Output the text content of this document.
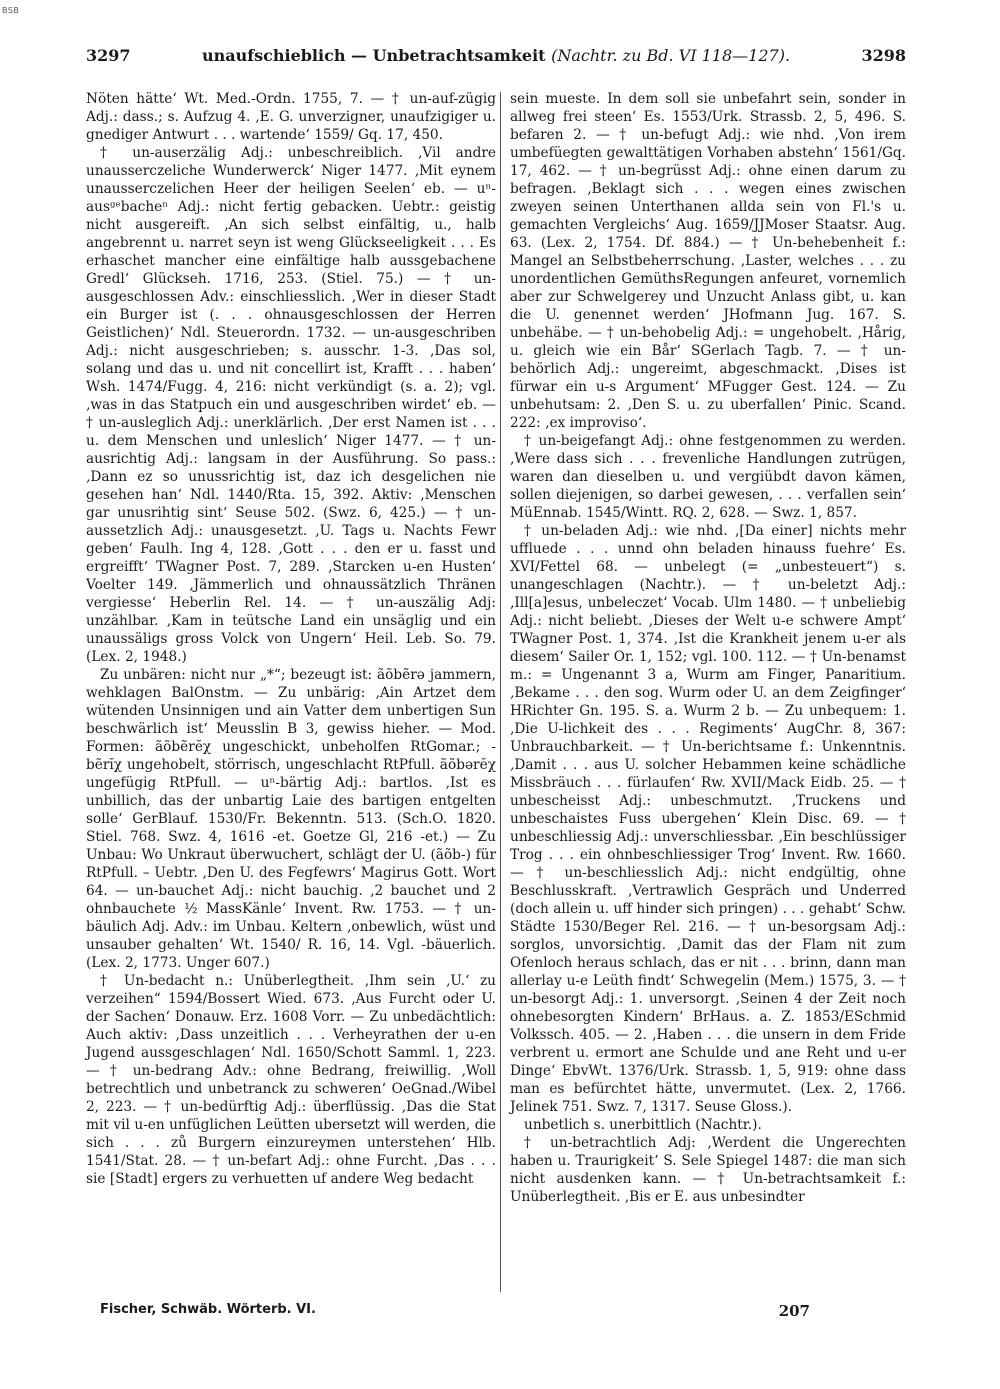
BSB
3297	unaufschieblich — Unbetrachtsamkeit (Nachtr. zu Bd. VI 118—127).	3298

Nöten hätte‘ Wt. Med.-Ordn. 1755, 7. — † un-auf-zügig Adj.: dass.; s. Aufzug 4. ‚E. G. unverzigner, unaufzigiger u. gnediger Antwurt . . . wartende‘ 1559/ Gq. 17, 450.

† un-auserzälig Adj.: unbeschreiblich. ‚Vil andre unausserczeliche Wunderwerck‘ Niger 1477. ‚Mit eynem unausserczelichen Heer der heiligen Seelen‘ eb. — uⁿ-ausᵍᵉbacheⁿ Adj.: nicht fertig gebacken. Uebtr.: geistig nicht ausgereift. ‚An sich selbst einfältig, u., halb angebrennt u. narret seyn ist weng Glückseeligkeit . . . Es erhaschet mancher eine einfältige halb aussgebachene Gredl‘ Glückseh. 1716, 253. (Stiel. 75.) — † un-ausgeschlossen Adv.: einschliesslich. ‚Wer in dieser Stadt ein Burger ist (. . . ohnausgeschlossen der Herren Geistlichen)‘ Ndl. Steuerordn. 1732. — un-ausgeschriben Adj.: nicht ausgeschrieben; s. ausschr. 1-3. ‚Das sol, solang und das u. und nit concellirt ist, Krafft . . . haben‘ Wsh. 1474/Fugg. 4, 216: nicht verkündigt (s. a. 2); vgl. ‚was in das Statpuch ein und ausgeschriben wirdet‘ eb. — † un-ausleglich Adj.: unerklärlich. ‚Der erst Namen ist . . . u. dem Menschen und unleslich‘ Niger 1477. — † un-ausrichtig Adj.: langsam in der Ausführung. So pass.: ‚Dann ez so unussrichtig ist, daz ich desgelichen nie gesehen han‘ Ndl. 1440/Rta. 15, 392. Aktiv: ‚Menschen gar unusrihtig sint‘ Seuse 502. (Swz. 6, 425.) — † un-aussetzlich Adj.: unausgesetzt. ‚U. Tags u. Nachts Fewr geben‘ Faulh. Ing 4, 128. ‚Gott . . . den er u. fasst und ergreifft‘ TWagner Post. 7, 289. ‚Starcken u-en Husten‘ Voelter 149. ‚Jämmerlich und ohnaussätzlich Thränen vergiesse‘ Heberlin Rel. 14. — † un-auszälig Adj: unzählbar. ‚Kam in teütsche Land ein unsäglig und ein unaussäligs gross Volck von Ungern‘ Heil. Leb. So. 79. (Lex. 2, 1948.)

Zu unbären: nicht nur „*“; bezeugt ist: ãõbẽrə jammern, wehklagen BalOnstm. — Zu unbärig: ‚Ain Artzet dem wütenden Unsinnigen und ain Vatter dem unbertigen Sun beschwärlich ist‘ Meusslin B 3, gewiss hieher. — Mod. Formen: ãõbẽrĕχ ungeschickt, unbeholfen RtGomar.; -bẽrĭχ ungehobelt, störrisch, ungeschlacht RtPfull. ãõbərĕχ ungefügig RtPfull. — uⁿ-bärtig Adj.: bartlos. ‚Ist es unbillich, das der unbartig Laie des bartigen entgelten solle‘ GerBlauf. 1530/Fr. Bekenntn. 513. (Sch.O. 1820. Stiel. 768. Swz. 4, 1616 -et. Goetze Gl, 216 -et.) — Zu Unbau: Wo Unkraut überwuchert, schlägt der U. (ãõb-) für RtPfull. – Uebtr. ‚Den U. des Fegfewrs‘ Magirus Gott. Wort 64. — un-bauchet Adj.: nicht bauchig. ‚2 bauchet und 2 ohnbauchete ½ MassKänle‘ Invent. Rw. 1753. — † un-bäulich Adj. Adv.: im Unbau. Keltern ‚onbewlich, wüst und unsauber gehalten‘ Wt. 1540/ R. 16, 14. Vgl. -bäuerlich. (Lex. 2, 1773. Unger 607.)

† Un-bedacht n.: Unüberlegtheit. ‚Ihm sein ‚U.‘ zu verzeihen“ 1594/Bossert Wied. 673. ‚Aus Furcht oder U. der Sachen‘ Donauw. Erz. 1608 Vorr. — Zu unbedächtlich: Auch aktiv: ‚Dass unzeitlich . . . Verheyrathen der u-en Jugend aussgeschlagen‘ Ndl. 1650/Schott Samml. 1, 223. — † un-bedrang Adv.: ohne Bedrang, freiwillig. ‚Woll betrechtlich und unbetranck zu schweren‘ OeGnad./Wibel 2, 223. — † un-bedürftig Adj.: überflüssig. ‚Das die Stat mit vil u-en unfüglichen Leütten ubersetzt will werden, die sich . . . zů Burgern einzureymen unterstehen‘ Hlb. 1541/Stat. 28. — † un-befart Adj.: ohne Furcht. ‚Das . . . sie [Stadt] ergers zu verhuetten uf andere Weg bedacht

sein mueste. In dem soll sie unbefahrt sein, sonder in allweg frei steen‘ Es. 1553/Urk. Strassb. 2, 5, 496. S. befaren 2. — † un-befugt Adj.: wie nhd. ‚Von irem umbefüegten gewalttätigen Vorhaben abstehn‘ 1561/Gq. 17, 462. — † un-begrüsst Adj.: ohne einen darum zu befragen. ‚Beklagt sich . . . wegen eines zwischen zweyen seinen Unterthanen allda sein von Fl.'s u. gemachten Vergleichs‘ Aug. 1659/JJMoser Staatsr. Aug. 63. (Lex. 2, 1754. Df. 884.) — † Un-behebenheit f.: Mangel an Selbstbeherrschung. ‚Laster, welches . . . zu unordentlichen GemüthsRegungen anfeuret, vornemlich aber zur Schwelgerey und Unzucht Anlass gibt, u. kan die U. genennet werden‘ JHofmann Jug. 167. S. unbehäbe. — † un-behobelig Adj.: = ungehobelt. ‚Hårig, u. gleich wie ein Bår‘ SGerlach Tagb. 7. — † un-behörlich Adj.: ungereimt, abgeschmackt. ‚Dises ist fürwar ein u-s Argument‘ MFugger Gest. 124. — Zu unbehutsam: 2. ‚Den S. u. zu uberfallen‘ Pinic. Scand. 222: ‚ex improviso‘.

† un-beigefangt Adj.: ohne festgenommen zu werden. ‚Were dass sich . . . frevenliche Handlungen zutrügen, waren dan dieselben u. und vergiübdt davon kämen, sollen diejenigen, so darbei gewesen, . . . verfallen sein‘ MüEnnab. 1545/Wintt. RQ. 2, 628. — Swz. 1, 857.

† un-beladen Adj.: wie nhd. ‚[Da einer] nichts mehr uffluede . . . unnd ohn beladen hinauss fuehre‘ Es. XVI/Fettel 68. — unbelegt (= „unbesteuert“) s. unangeschlagen (Nachtr.). — † un-beletzt Adj.: ‚Ill[a]esus, unbeleczet‘ Vocab. Ulm 1480. — † unbeliebig Adj.: nicht beliebt. ‚Dieses der Welt u-e schwere Ampt‘ TWagner Post. 1, 374. ‚Ist die Krankheit jenem u-er als diesem‘ Sailer Or. 1, 152; vgl. 100. 112. — † Un-benamst m.: = Ungenannt 3 a, Wurm am Finger, Panaritium. ‚Bekame . . . den sog. Wurm oder U. an dem Zeigfinger‘ HRichter Gn. 195. S. a. Wurm 2 b. — Zu unbequem: 1. ‚Die U-lichkeit des . . . Regiments‘ AugChr. 8, 367: Unbrauchbarkeit. — † Un-berichtsame f.: Unkenntnis. ‚Damit . . . aus U. solcher Hebammen keine schädliche Missbräuch . . . fürlaufen‘ Rw. XVII/Mack Eidb. 25. — † unbescheisst Adj.: unbeschmutzt. ‚Truckens und unbeschaistes Fuss ubergehen‘ Klein Disc. 69. — † unbeschliessig Adj.: unverschliessbar. ‚Ein beschlüssiger Trog . . . ein ohnbeschliessiger Trog‘ Invent. Rw. 1660. — † un-beschliesslich Adj.: nicht endgültig, ohne Beschlusskraft. ‚Vertrawlich Gespräch und Underred (doch allein u. uff hinder sich pringen) . . . gehabt‘ Schw. Städte 1530/Beger Rel. 216. — † un-besorgsam Adj.: sorglos, unvorsichtig. ‚Damit das der Flam nit zum Ofenloch heraus schlach, das er nit . . . brinn, dann man allerlay u-e Leüth findt‘ Schwegelin (Mem.) 1575, 3. — † un-besorgt Adj.: 1. unversorgt. ‚Seinen 4 der Zeit noch ohnebesorgten Kindern‘ BrHaus. a. Z. 1853/ESchmid Volkssch. 405. — 2. ‚Haben . . . die unsern in dem Fride verbrent u. ermort ane Schulde und ane Reht und u-er Dinge‘ EbvWt. 1376/Urk. Strassb. 1, 5, 919: ohne dass man es befürchtet hätte, unvermutet. (Lex. 2, 1766. Jelinek 751. Swz. 7, 1317. Seuse Gloss.).

unbetlich s. unerbittlich (Nachtr.).

† un-betrachtlich Adj: ‚Werdent die Ungerechten haben u. Traurigkeit‘ S. Sele Spiegel 1487: die man sich nicht ausdenken kann. — † Un-betrachtsamkeit f.: Unüberlegtheit. ‚Bis er E. aus unbesindter

Fischer, Schwäb. Wörterb. VI.	207
